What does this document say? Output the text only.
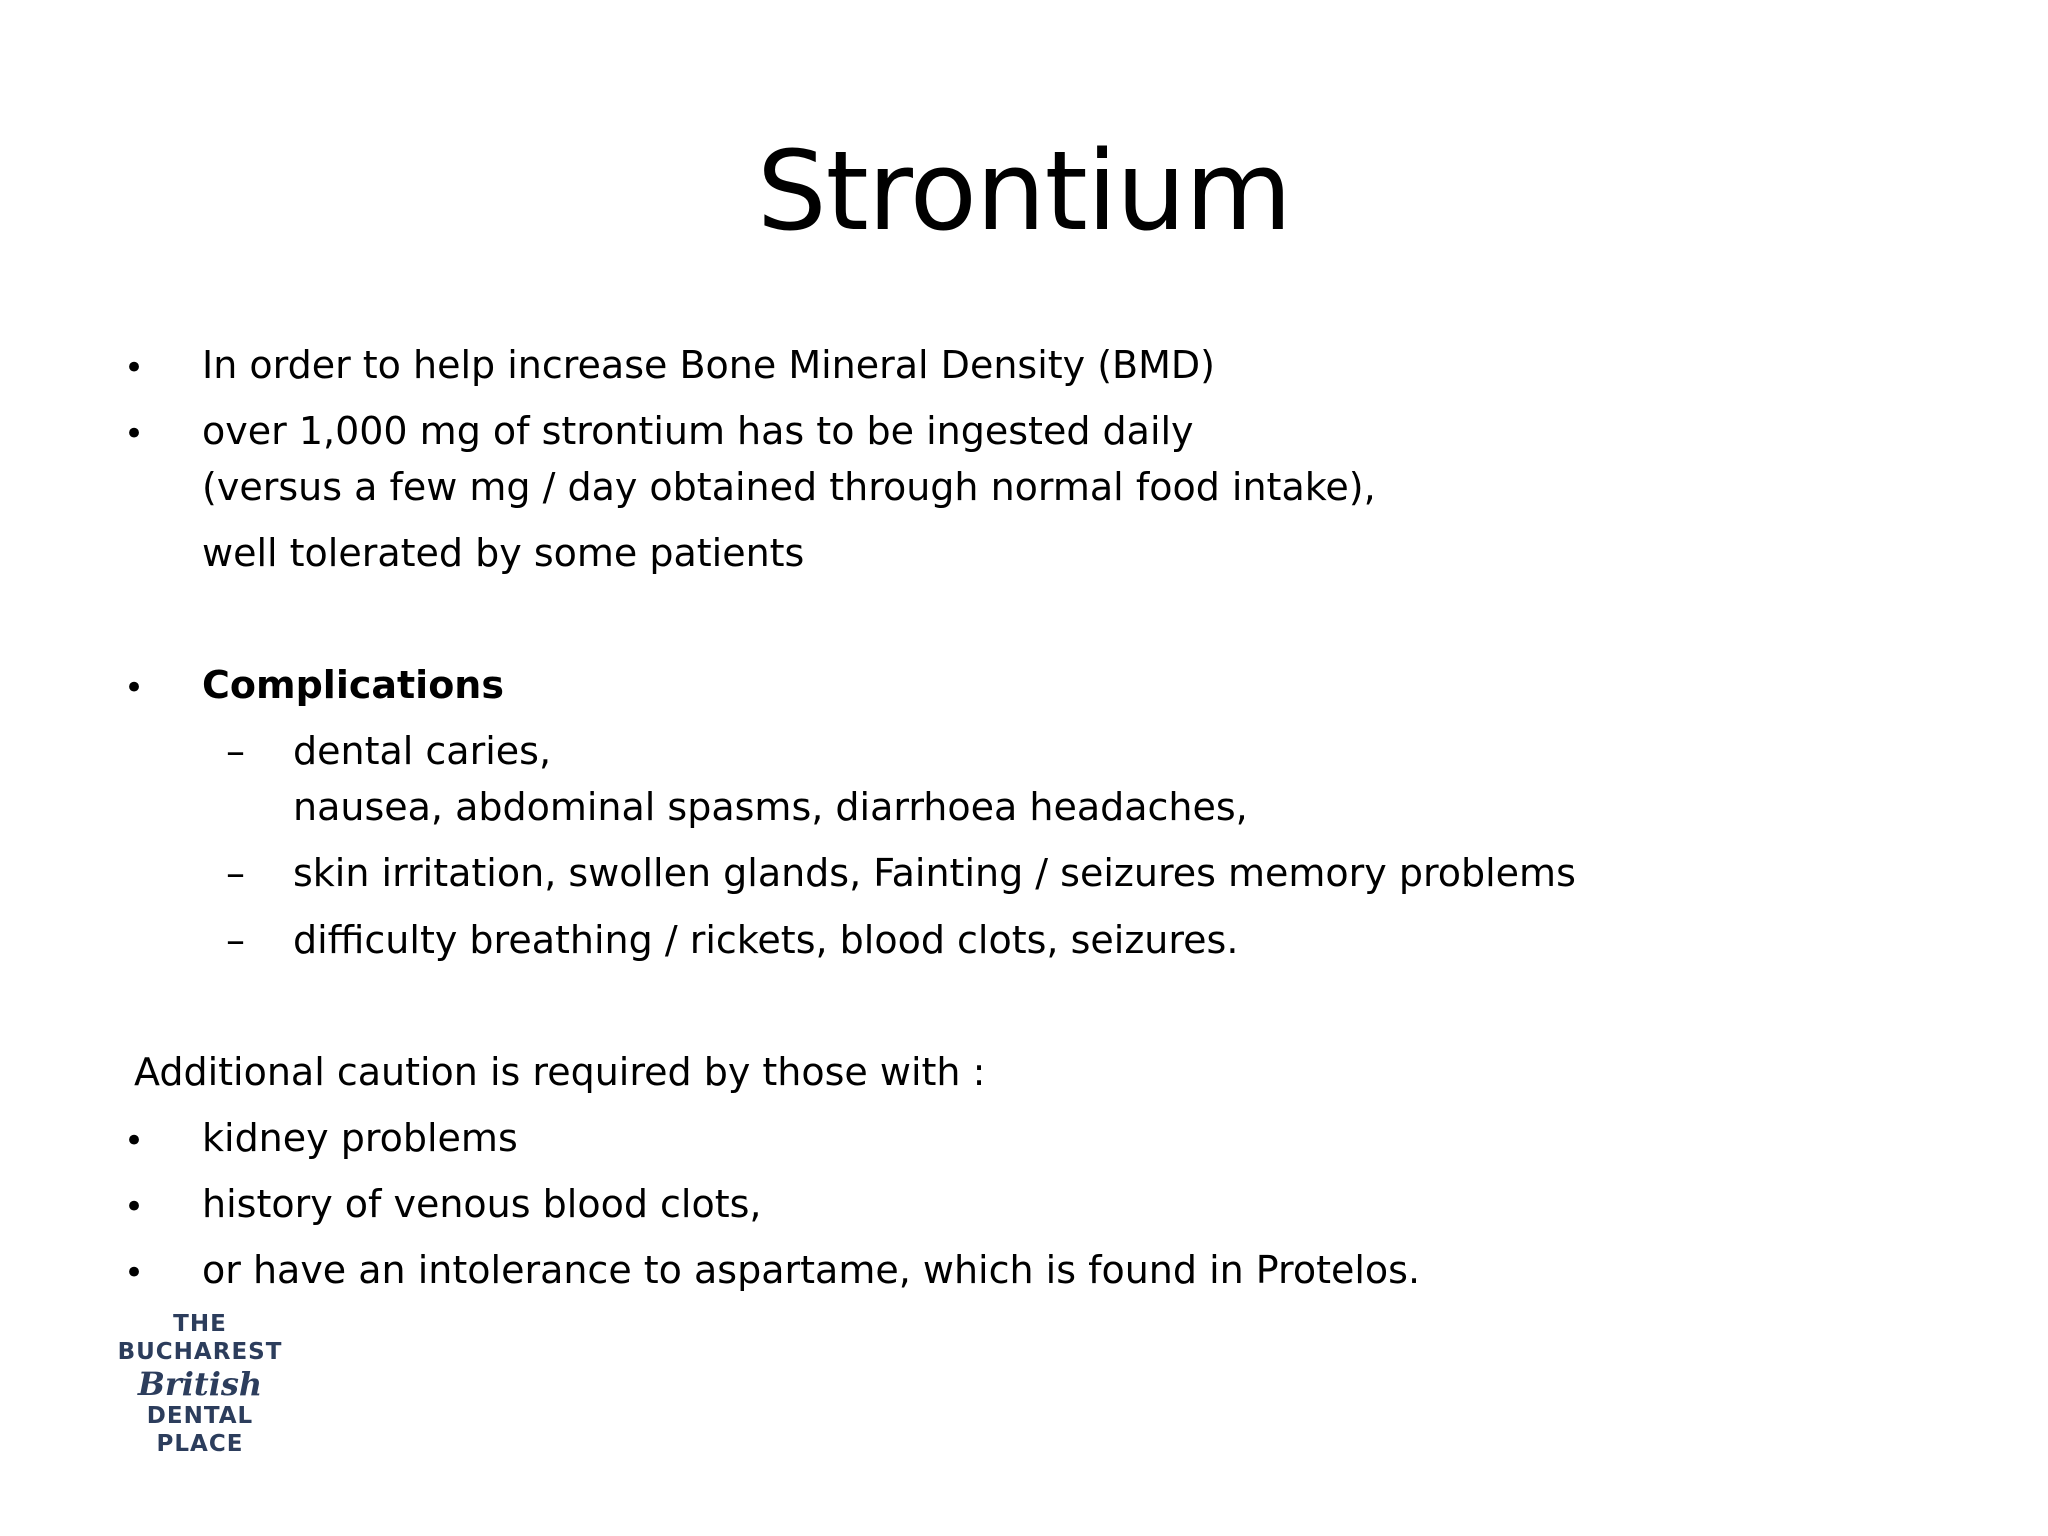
Strontium
• In order to help increase Bone Mineral Density (BMD)
• over 1,000 mg of strontium has to be ingested daily
(versus a few mg / day obtained through normal food intake),
well tolerated by some patients
• Complications
– dental caries,
nausea, abdominal spasms, diarrhoea headaches,
– skin irritation, swollen glands, Fainting / seizures memory problems
– difficulty breathing / rickets, blood clots, seizures.
Additional caution is required by those with :
• kidney problems
• history of venous blood clots,
• or have an intolerance to aspartame, which is found in Protelos.
THE
BUCHAREST
British
DENTAL PLACE
